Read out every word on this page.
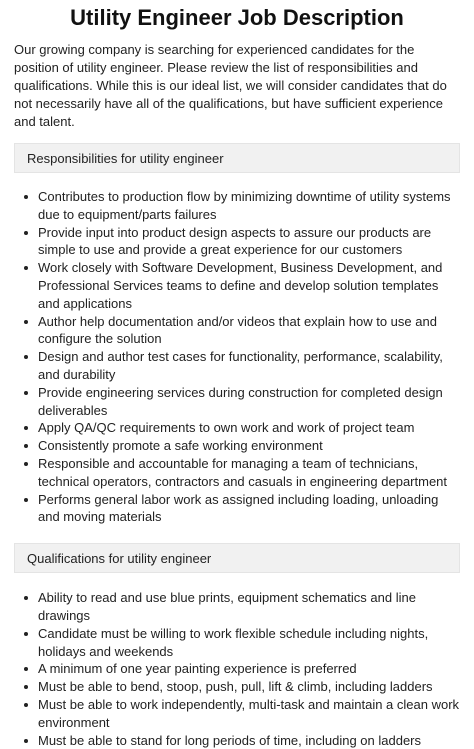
Utility Engineer Job Description

Our growing company is searching for experienced candidates for the position of utility engineer. Please review the list of responsibilities and qualifications. While this is our ideal list, we will consider candidates that do not necessarily have all of the qualifications, but have sufficient experience and talent.

Responsibilities for utility engineer
Contributes to production flow by minimizing downtime of utility systems due to equipment/parts failures
Provide input into product design aspects to assure our products are simple to use and provide a great experience for our customers
Work closely with Software Development, Business Development, and Professional Services teams to define and develop solution templates and applications
Author help documentation and/or videos that explain how to use and configure the solution
Design and author test cases for functionality, performance, scalability, and durability
Provide engineering services during construction for completed design deliverables
Apply QA/QC requirements to own work and work of project team
Consistently promote a safe working environment
Responsible and accountable for managing a team of technicians, technical operators, contractors and casuals in engineering department
Performs general labor work as assigned including loading, unloading and moving materials
Qualifications for utility engineer
Ability to read and use blue prints, equipment schematics and line drawings
Candidate must be willing to work flexible schedule including nights, holidays and weekends
A minimum of one year painting experience is preferred
Must be able to bend, stoop, push, pull, lift & climb, including ladders
Must be able to work independently, multi-task and maintain a clean work environment
Must be able to stand for long periods of time, including on ladders
